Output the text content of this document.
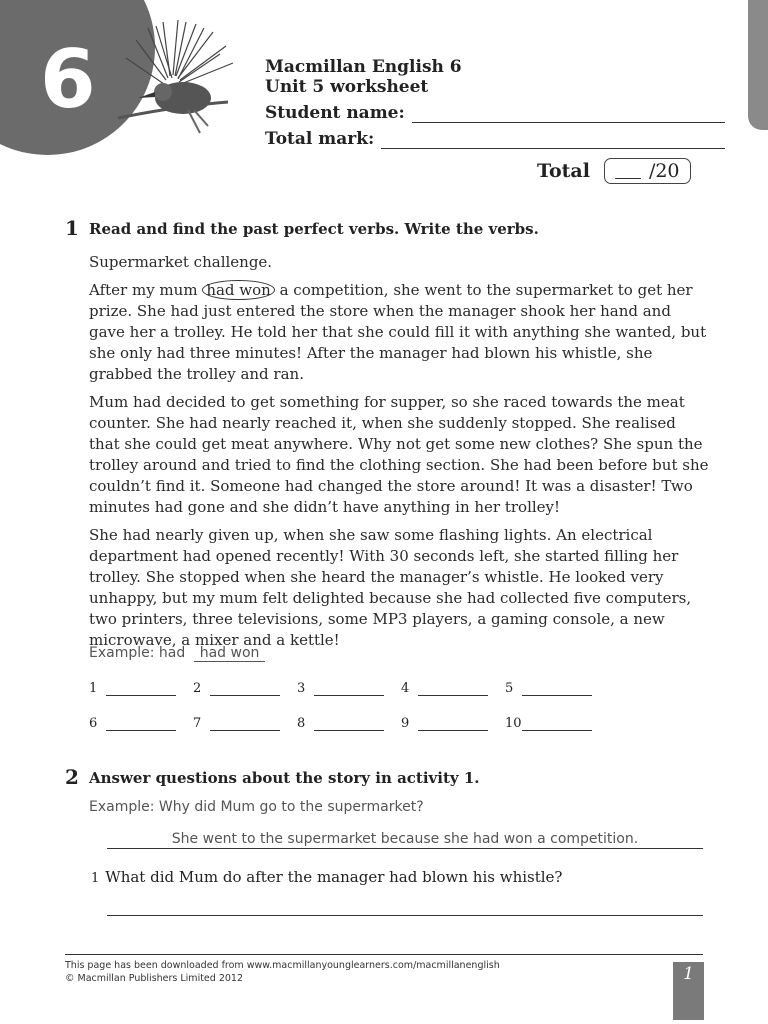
6	Macmillan English 6
Unit 5 worksheet
Student name:
Total mark:
Total	/20
1 Read and find the past perfect verbs. Write the verbs.

Supermarket challenge.

After my mum had won a competition, she went to the supermarket to get her prize. She had just entered the store when the manager shook her hand and gave her a trolley. He told her that she could fill it with anything she wanted, but she only had three minutes! After the manager had blown his whistle, she grabbed the trolley and ran.

Mum had decided to get something for supper, so she raced towards the meat counter. She had nearly reached it, when she suddenly stopped. She realised that she could get meat anywhere. Why not get some new clothes? She spun the trolley around and tried to find the clothing section. She had been before but she couldn’t find it. Someone had changed the store around! It was a disaster! Two minutes had gone and she didn’t have anything in her trolley!

She had nearly given up, when she saw some flashing lights. An electrical department had opened recently! With 30 seconds left, she started filling her trolley. She stopped when she heard the manager’s whistle. He looked very unhappy, but my mum felt delighted because she had collected five computers, two printers, three televisions, some MP3 players, a gaming console, a new microwave, a mixer and a kettle!

Example: had had won
1	2	3	4	5
6	7	8	9	10
2 Answer questions about the story in activity 1.
Example: Why did Mum go to the supermarket?
She went to the supermarket because she had won a competition.
1 What did Mum do after the manager had blown his whistle?
This page has been downloaded from www.macmillanyounglearners.com/macmillanenglish
© Macmillan Publishers Limited 2012	1
